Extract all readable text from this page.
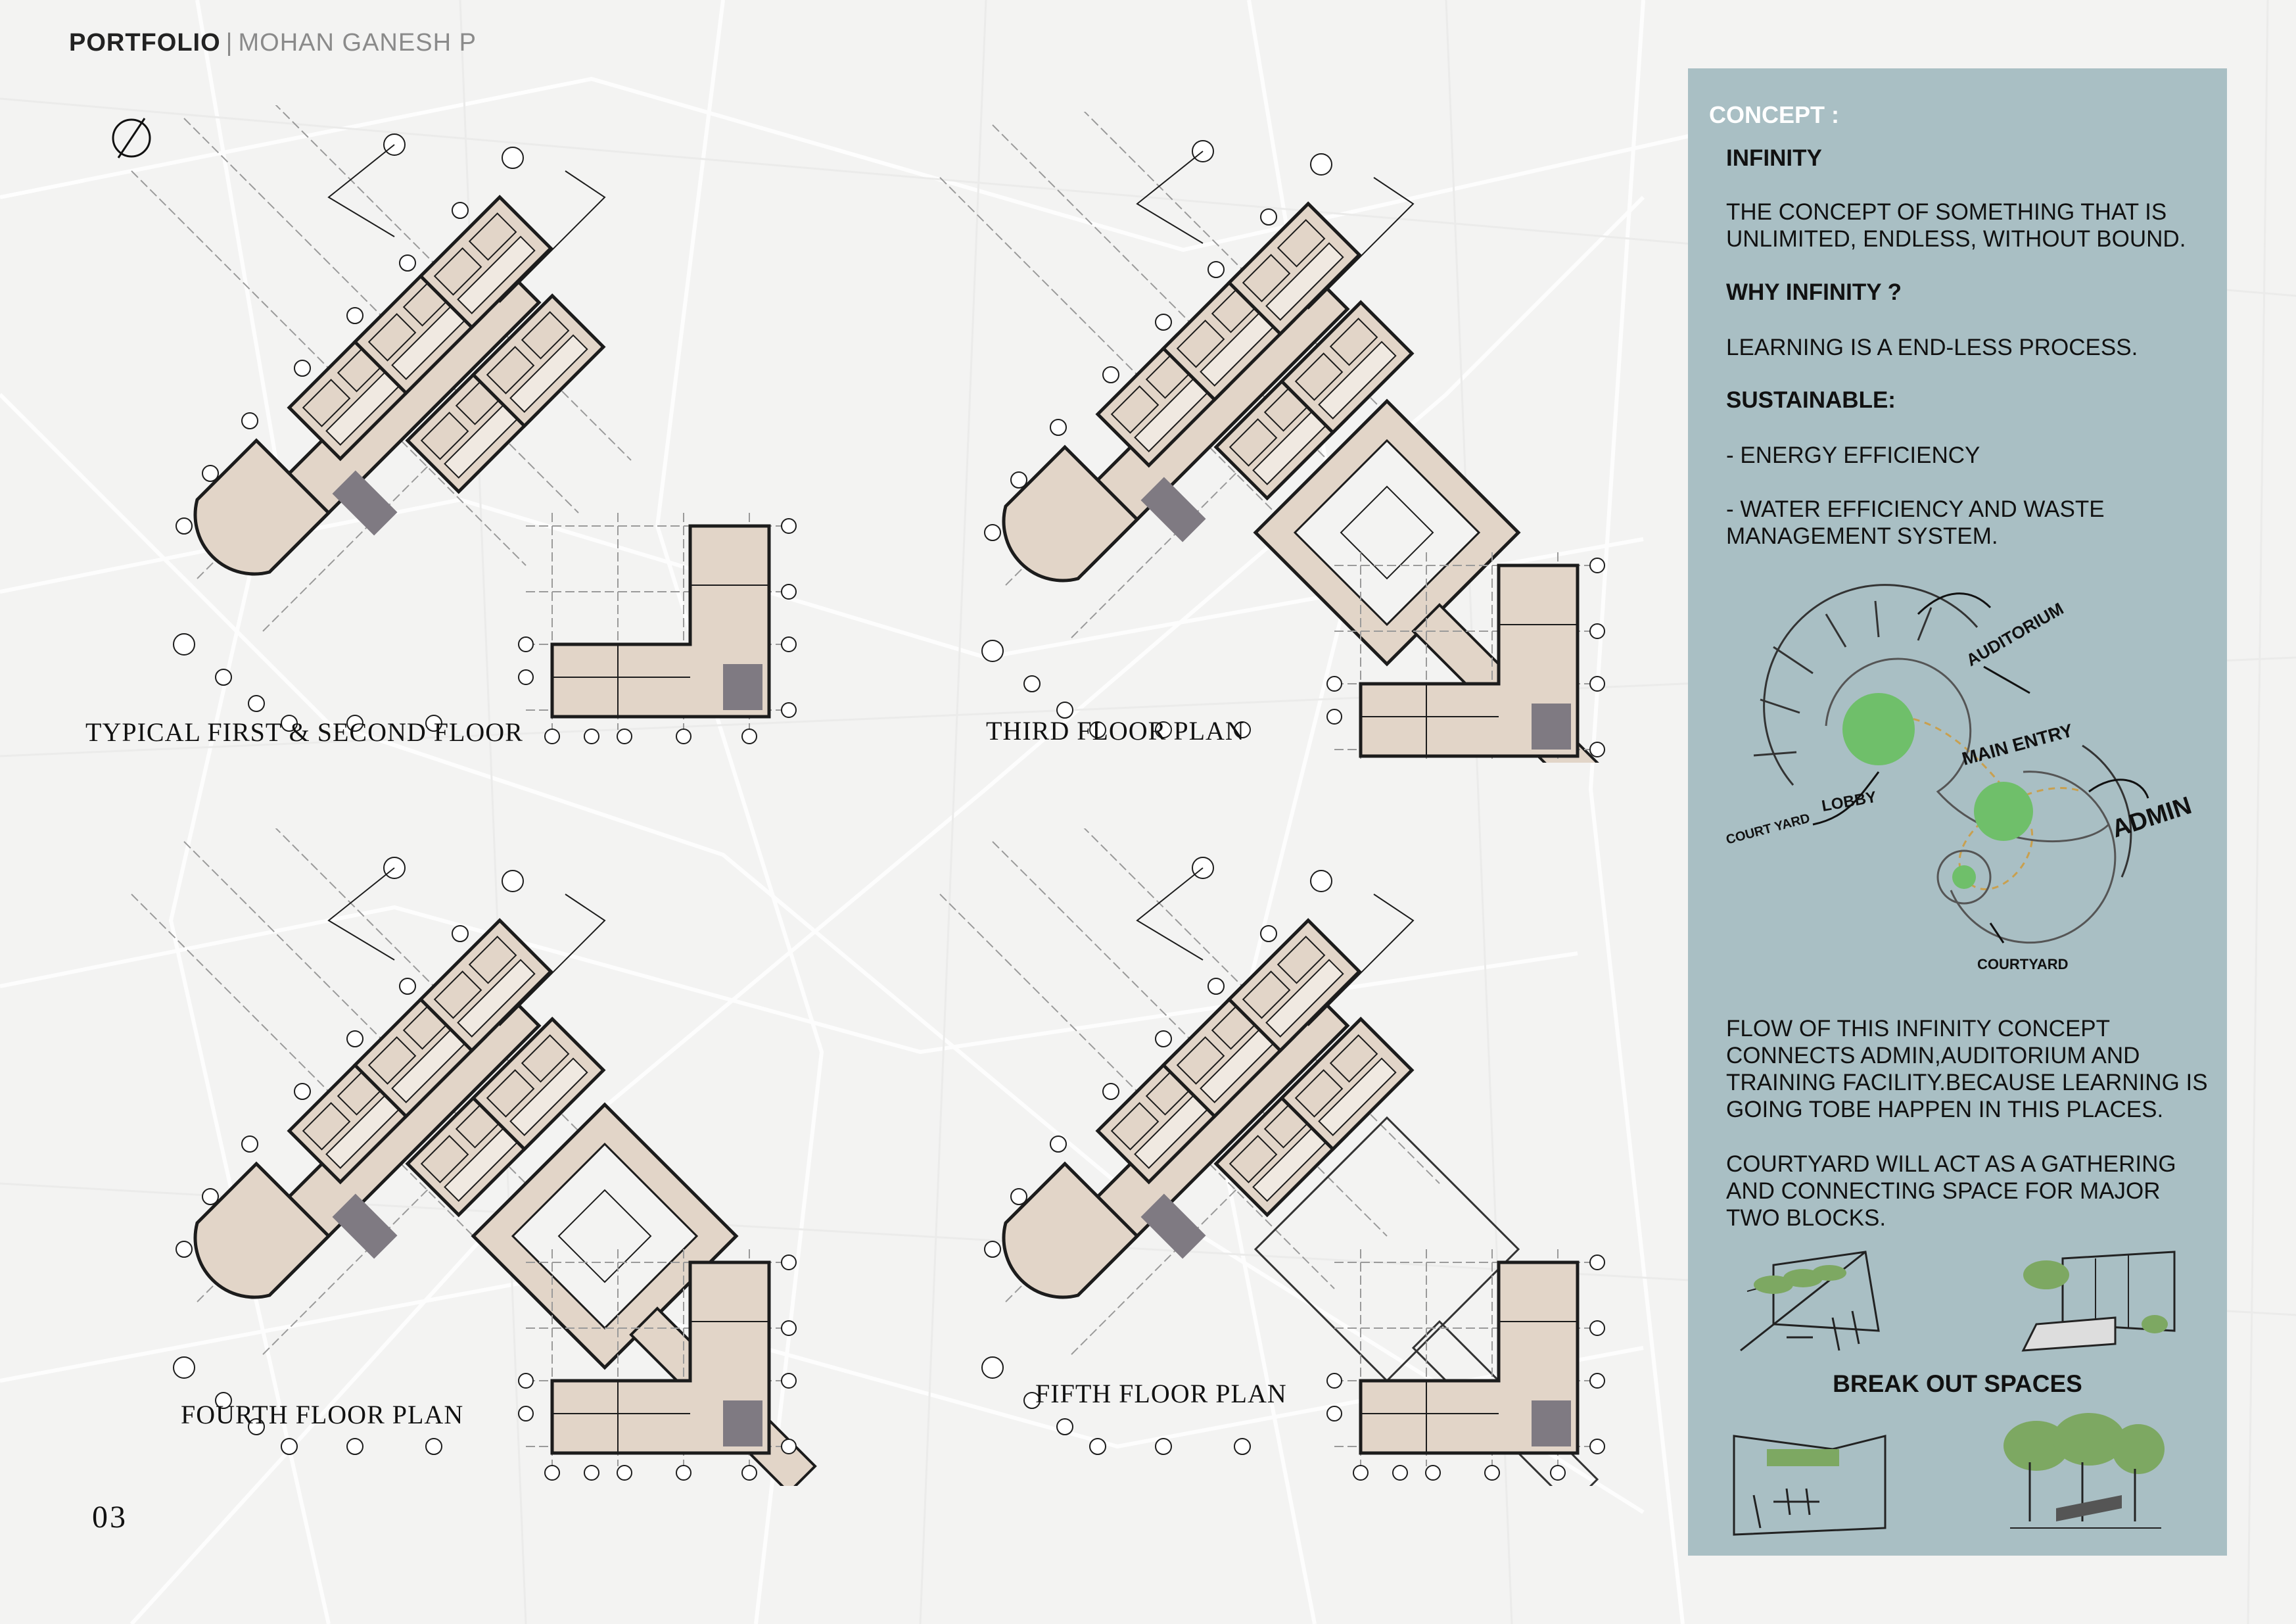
PORTFOLIO | MOHAN GANESH P
TYPICAL FIRST & SECOND FLOOR	THIRD FLOOR PLAN
FOURTH FLOOR PLAN
FIFTH FLOOR PLAN
03
CONCEPT :
INFINITY
THE CONCEPT OF SOMETHING THAT IS UNLIMITED, ENDLESS, WITHOUT BOUND.
WHY INFINITY ?
LEARNING IS A END-LESS PROCESS.
SUSTAINABLE:
- ENERGY EFFICIENCY
- WATER EFFICIENCY AND WASTE MANAGEMENT SYSTEM.
AUDITORIUM
MAIN ENTRY
ADMIN
COURT YARD
LOBBY
COURTYARD
FLOW OF THIS INFINITY CONCEPT CONNECTS ADMIN,AUDITORIUM AND TRAINING FACILITY.BECAUSE LEARNING IS GOING TOBE HAPPEN IN THIS PLACES.
COURTYARD WILL ACT AS A GATHERING AND CONNECTING SPACE FOR MAJOR TWO BLOCKS.
BREAK OUT SPACES
